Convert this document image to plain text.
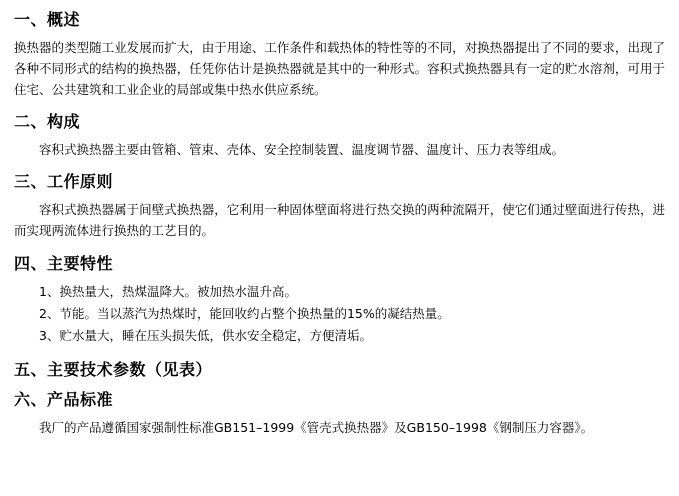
一、概述

换热器的类型随工业发展而扩大，由于用途、工作条件和载热体的特性等的不同，对换热器提出了不同的要求，出现了各种不同形式的结构的换热器，任凭你估计是换热器就是其中的一种形式。容积式换热器具有一定的贮水溶剂，可用于住宅、公共建筑和工业企业的局部或集中热水供应系统。

二、构成

容积式换热器主要由管箱、管束、壳体、安全控制装置、温度调节器、温度计、压力表等组成。

三、工作原则

容积式换热器属于间壁式换热器，它利用一种固体壁面将进行热交换的两种流隔开，使它们通过壁面进行传热，进而实现两流体进行换热的工艺目的。

四、主要特性
1、换热量大，热煤温降大。被加热水温升高。
2、节能。当以蒸汽为热煤时，能回收约占整个换热量的15%的凝结热量。
3、贮水量大，睡在压头损失低，供水安全稳定，方便清垢。
五、主要技术参数（见表）
六、产品标准

我厂的产品遵循国家强制性标准GB151–1999《管壳式换热器》及GB150–1998《钢制压力容器》。
